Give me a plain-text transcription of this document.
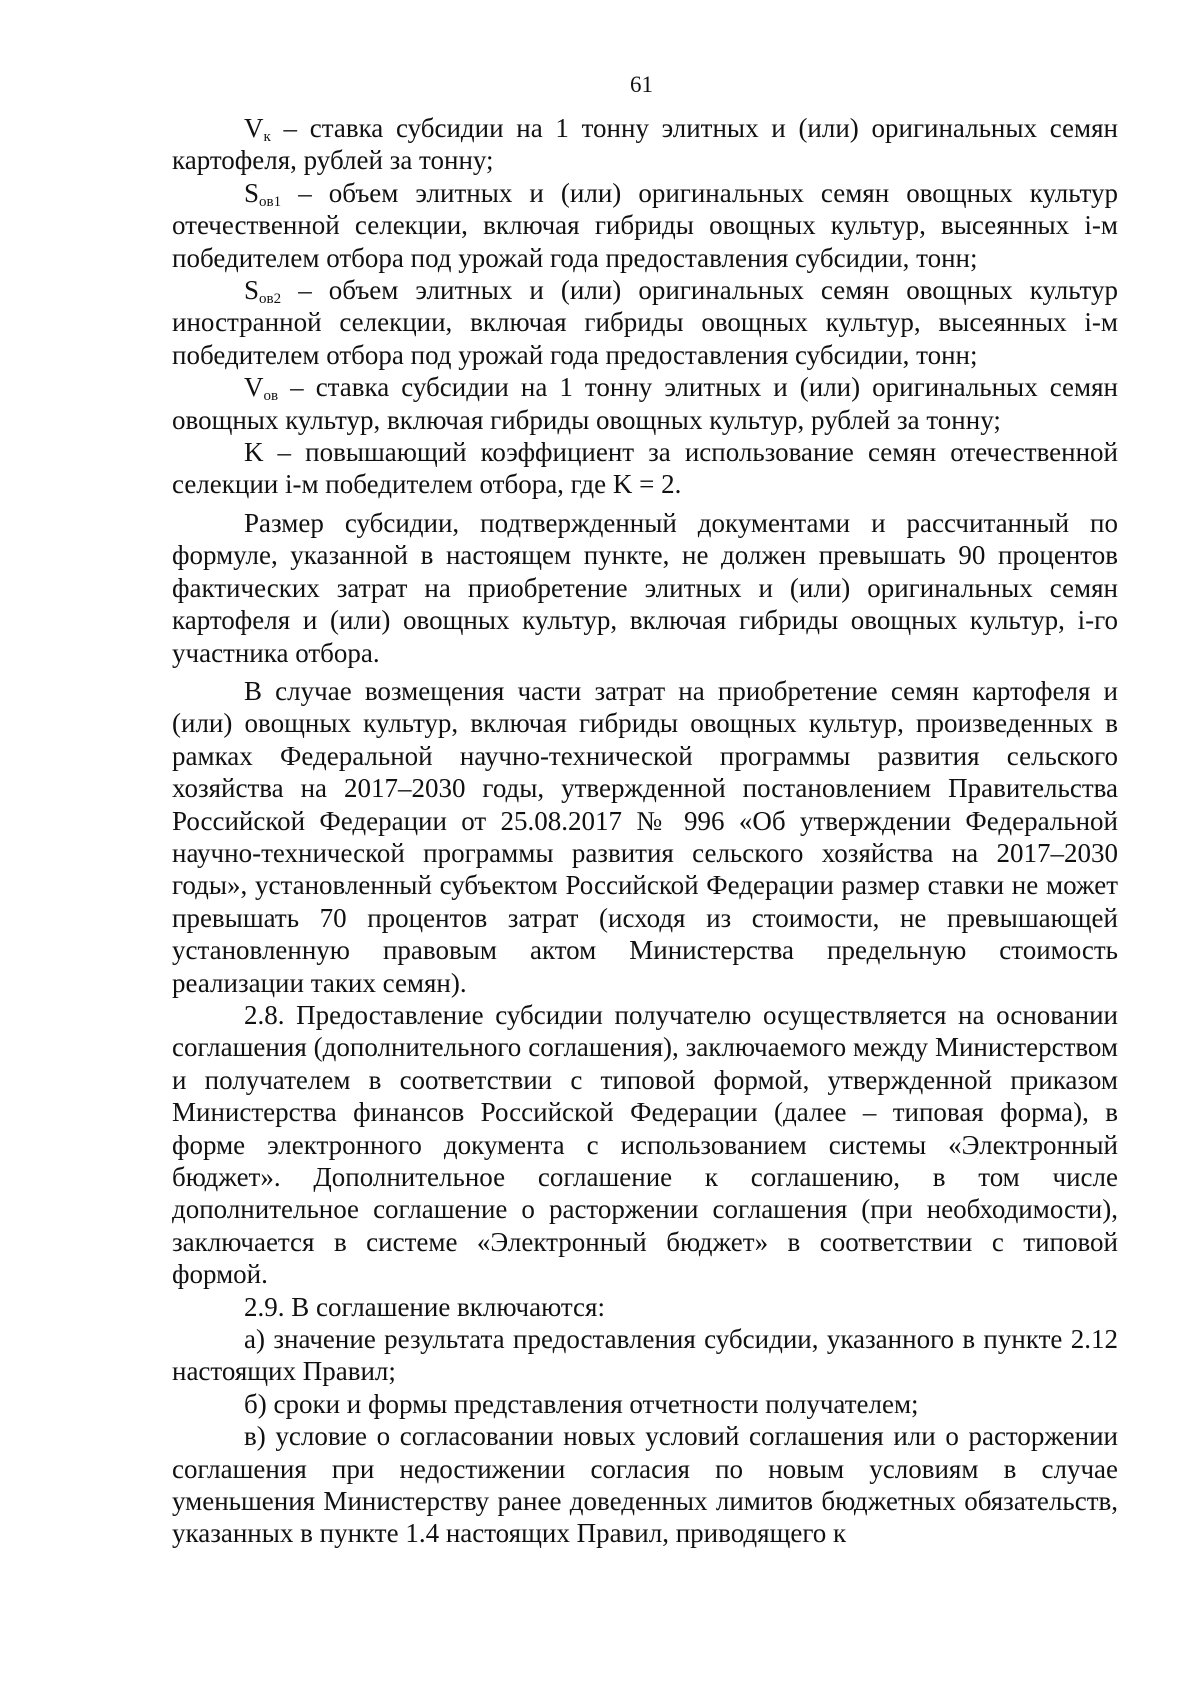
61

$V_к$ – ставка субсидии на 1 тонну элитных и (или) оригинальных семян картофеля, рублей за тонну;

$S_{ов1}$ – объем элитных и (или) оригинальных семян овощных культур отечественной селекции, включая гибриды овощных культур, высеянных i-м победителем отбора под урожай года предоставления субсидии, тонн;

$S_{ов2}$ – объем элитных и (или) оригинальных семян овощных культур иностранной селекции, включая гибриды овощных культур, высеянных i-м победителем отбора под урожай года предоставления субсидии, тонн;

$V_{ов}$ – ставка субсидии на 1 тонну элитных и (или) оригинальных семян овощных культур, включая гибриды овощных культур, рублей за тонну;

K – повышающий коэффициент за использование семян отечественной селекции i-м победителем отбора, где K = 2.

Размер субсидии, подтвержденный документами и рассчитанный по формуле, указанной в настоящем пункте, не должен превышать 90 процентов фактических затрат на приобретение элитных и (или) оригинальных семян картофеля и (или) овощных культур, включая гибриды овощных культур, i-го участника отбора.

В случае возмещения части затрат на приобретение семян картофеля и (или) овощных культур, включая гибриды овощных культур, произведенных в рамках Федеральной научно-технической программы развития сельского хозяйства на 2017–2030 годы, утвержденной постановлением Правительства Российской Федерации от 25.08.2017 № 996 «Об утверждении Федеральной научно-технической программы развития сельского хозяйства на 2017–2030 годы», установленный субъектом Российской Федерации размер ставки не может превышать 70 процентов затрат (исходя из стоимости, не превышающей установленную правовым актом Министерства предельную стоимость реализации таких семян).

2.8. Предоставление субсидии получателю осуществляется на основании соглашения (дополнительного соглашения), заключаемого между Министерством и получателем в соответствии с типовой формой, утвержденной приказом Министерства финансов Российской Федерации (далее – типовая форма), в форме электронного документа с использованием системы «Электронный бюджет». Дополнительное соглашение к соглашению, в том числе дополнительное соглашение о расторжении соглашения (при необходимости), заключается в системе «Электронный бюджет» в соответствии с типовой формой.

2.9. В соглашение включаются:

а) значение результата предоставления субсидии, указанного в пункте 2.12 настоящих Правил;

б) сроки и формы представления отчетности получателем;

в) условие о согласовании новых условий соглашения или о расторжении соглашения при недостижении согласия по новым условиям в случае уменьшения Министерству ранее доведенных лимитов бюджетных обязательств, указанных в пункте 1.4 настоящих Правил, приводящего к
